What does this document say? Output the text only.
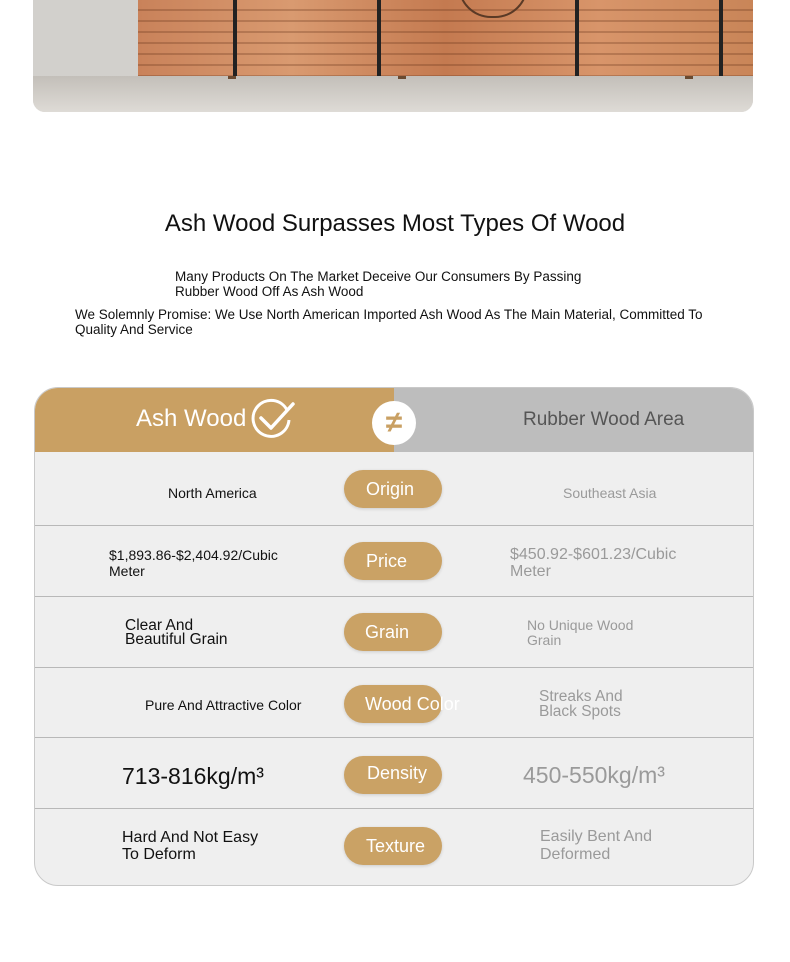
Ash Wood Surpasses Most Types Of Wood

Many Products On The Market Deceive Our Consumers By Passing Rubber Wood Off As Ash Wood

We Solemnly Promise: We Use North American Imported Ash Wood As The Main Material, Committed To Quality And Service

Ash Wood	≠	Rubber Wood Area
North America	Origin	Southeast Asia
$1,893.86-$2,404.92/Cubic Meter	Price	$450.92-$601.23/Cubic Meter
Clear And Beautiful Grain	Grain	No Unique Wood Grain
Pure And Attractive Color	Wood Color	Streaks And Black Spots
713-816kg/m³	Density	450-550kg/m³
Hard And Not Easy To Deform	Texture	Easily Bent And Deformed
